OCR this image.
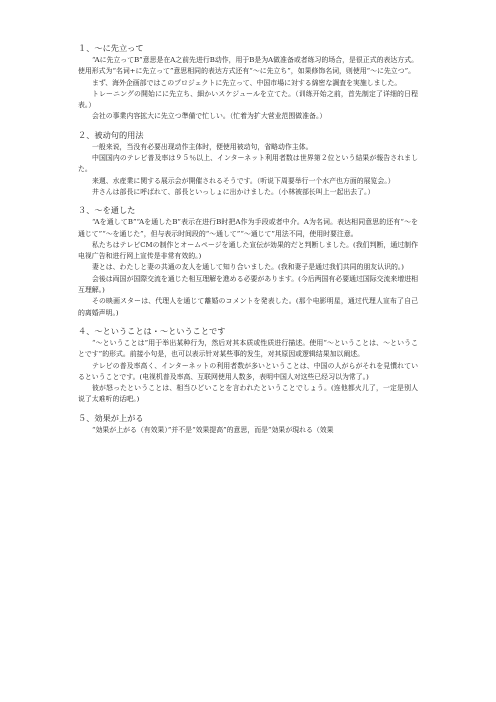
１、～に先立って

“Aに先立ってB”意思是在A之前先进行B动作，用于B是为A做准备或者练习的场合，是很正式的表达方式。使用形式为“名词+に先立って”意思相同的表达方式还有“～に先立ち”，如果修饰名词，则使用“～に先立つ”。

まず、海外企画部ではこのプロジェクトに先立って、中国市場に対する綿密な調査を実施しました。

トレーニングの開始にに先立ち、細かいスケジュールを立てた。（训练开始之前，首先制定了详细的日程表。）

会社の事業内容拡大に先立つ準備で忙しい。（忙着为扩大营业范围做准备。）

２、被动句的用法

一般来说，当没有必要出现动作主体时，便使用被动句，省略动作主体。

中国国内のテレビ普及率は９５％以上、インターネット利用者数は世界第２位という結果が報告されました。

来週、水産業に関する展示会が開催されるそうです。（听说下周要举行一个水产也方面的展览会。）

井さんは部長に呼ばれて、部長といっしょに出かけました。（小林被部长叫上一起出去了。）

３、～を通した

“Aを通してB”“Aを通したB”表示在进行B时把A作为手段或者中介。A为名词。表达相同意思的还有“～を通じて”“～を通じた”，但与表示时间段的“～通して”“～通じて”用法不同，使用时要注意。

私たちはテレビCMの制作とオームページを通した宣伝が効果的だと判断しました。(我们判断，通过制作电视广告和进行网上宣传是非常有效的。)

妻とは、わたしと妻の共通の友人を通して知り合いました。(我和妻子是通过我们共同的朋友认识的。)

会後は両国が国際交流を通じた相互理解を進める必要があります。(今后两国有必要通过国际交流来增进相互理解。)

その映画スターは、代理人を通じて離婚のコメントを発表した。(那个电影明星，通过代理人宣布了自己的离婚声明。)

４、～ということは・～ということです

“～ということは”用于举出某种行为，然后对其本质或性质进行描述。使用“～ということは、～ということです”的形式。前接小句是，也可以表示针对某些事的发生，对其原因或逻辑结果加以阐述。

テレビの普及率高く、インターネットの利用者数が多いということは、中国の人がらがそれを見慣れているということです。(电视机普及率高、互联网使用人数多，表明中国人对这些已经习以为常了。)

彼が怒ったということは、相当ひどいことを言われたということでしょう。(连他都火儿了，一定是别人说了太难听的话吧。)

５、効果が上がる

“効果が上がる（有效果）”并不是“效果提高”的意思，而是“効果が現れる（效果
